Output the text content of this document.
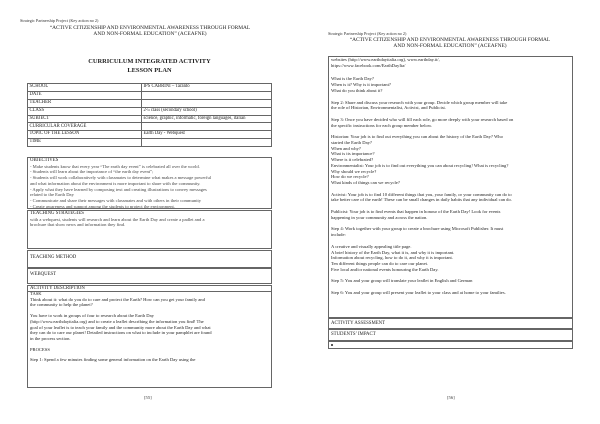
Strategic Partnership Project (Key action no 2)
“ACTIVE CITIZENSHIP AND ENVIRONMENTAL AWARENESS THROUGH FORMAL
AND NON-FORMAL EDUCATION” (ACEAFNE)
CURRICULUM INTEGRATED ACTIVITY
LESSON PLAN
SCHOOL	IPS CABRINI – Taranto
DATE	
TEACHER	
CLASS	2-5 class (secondary school)
SUBJECT	science, graphic, informatic, foreign languages, italian
CURRICULAR COVERAGE	
TOPIC OF THE LESSON	Earth Day - Webquest
TIME	
OBJECTIVES
- Make students know that every year “The earth day event” is celebrated all over the world.
- Students will learn about the importance of “the earth day event”;
- Students will work collaboratively with classmates to determine what makes a message powerful
and what information about the environment is more important to share with the community.
- Apply what they have learned by composing text and creating illustrations to convey messages
related to the Earth Day
- Communicate and share their messages with classmates and with others in their community
- Create awareness and support among the students to protect the environment.
TEACHING STRATEGIES
with a webquest, students will research and learn about the Earth Day and create a padlet and a
brochure that show news and information they find.
TEACHING METHOD
WEBQUEST
ACTIVITY DESCRIPTION
TASK
Think about it: what do you do to care and protect the Earth? How can you get your family and
the community to help the planet?
You have to work in groups of four to research about the Earth Day
(http://www.earthdayitalia.org) and to create a leaflet describing the information you find! The
goal of your leaflet is to teach your family and the community more about the Earth Day and what
they can do to care our planet! Detailed instructions on what to include in your pamphlet are found
in the process section.
PROCESS
Step 1: Spend a few minutes finding some general information on the Earth Day using the
[55]
Strategic Partnership Project (Key action no 2)
“ACTIVE CITIZENSHIP AND ENVIRONMENTAL AWARENESS THROUGH FORMAL
AND NON-FORMAL EDUCATION” (ACEAFNE)
websites (http://www.earthdayitalia.org), www.earthday.it/,
https://www.facebook.com/EarthDayIta/
What is the Earth Day?
When is it? Why is it important?
What do you think about it?
Step 2: Share and discuss your research with your group. Decide which group member will take
the role of Historian, Environmentalist, Activist, and Publicist.
Step 3: Once you have decided who will fill each role, go more deeply with your research based on
the specific instructions for each group member below.
Historian: Your job is to find out everything you can about the history of the Earth Day? Who
started the Earth Day?
When and why?
What is its importance?
Where is it celebrated?
Environmentalist: Your job is to find out everything you can about recycling! What is recycling?
Why should we recycle?
How do we recycle?
What kinds of things can we recycle?
Activist: Your job is to find 10 different things that you, your family, or your community can do to
take better care of the earth! These can be small changes in daily habits that any individual can do.
Publicist: Your job is to find events that happen in honour of the Earth Day! Look for events
happening in your community and across the nation.
Step 4: Work together with your group to create a brochure using Microsoft Publisher. It must
include:
A creative and visually appealing title page.
A brief history of the Earth Day, what it is, and why it is important.
Information about recycling, how to do it, and why it is important.
Ten different things people can do to care our planet.
Five local and/or national events honouring the Earth Day.
Step 5: You and your group will translate your leaflet in English and German
Step 6: You and your group will present your leaflet to your class and at home to your families.
ACTIVITY ASSESSMENT
STUDENTS’ IMPACT
[56]
